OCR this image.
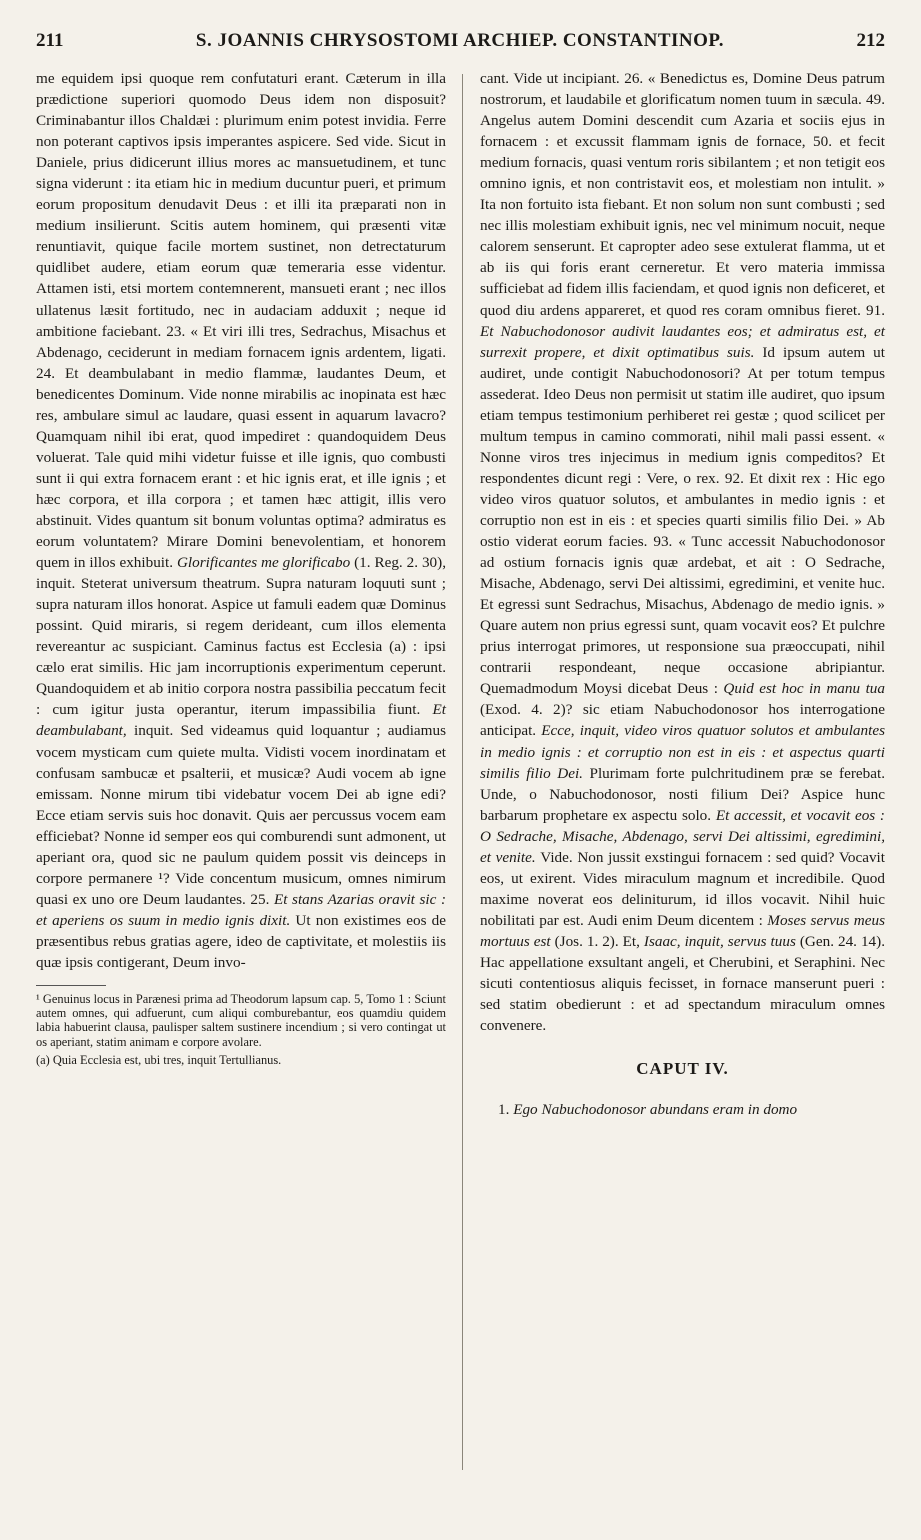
211	S. JOANNIS CHRYSOSTOMI ARCHIEP. CONSTANTINOP.	212

me equidem ipsi quoque rem confutaturi erant. Cæterum in illa prædictione superiori quomodo Deus idem non disposuit? Criminabantur illos Chaldæi : plurimum enim potest invidia. Ferre non poterant captivos ipsis imperantes aspicere. Sed vide. Sicut in Daniele, prius didicerunt illius mores ac mansuetudinem, et tunc signa viderunt : ita etiam hic in medium ducuntur pueri, et primum eorum propositum denudavit Deus : et illi ita præparati non in medium insilierunt. Scitis autem hominem, qui præsenti vitæ renuntiavit, quique facile mortem sustinet, non detrectaturum quidlibet audere, etiam eorum quæ temeraria esse videntur. Attamen isti, etsi mortem contemnerent, mansueti erant ; nec illos ullatenus læsit fortitudo, nec in audaciam adduxit ; neque id ambitione faciebant. 23. « Et viri illi tres, Sedrachus, Misachus et Abdenago, ceciderunt in mediam fornacem ignis ardentem, ligati. 24. Et deambulabant in medio flammæ, laudantes Deum, et benedicentes Dominum. Vide nonne mirabilis ac inopinata est hæc res, ambulare simul ac laudare, quasi essent in aquarum lavacro? Quamquam nihil ibi erat, quod impediret : quandoquidem Deus voluerat. Tale quid mihi videtur fuisse et ille ignis, quo combusti sunt ii qui extra fornacem erant : et hic ignis erat, et ille ignis ; et hæc corpora, et illa corpora ; et tamen hæc attigit, illis vero abstinuit. Vides quantum sit bonum voluntas optima? admiratus es eorum voluntatem? Mirare Domini benevolentiam, et honorem quem in illos exhibuit. Glorificantes me glorificabo (1. Reg. 2. 30), inquit. Steterat universum theatrum. Supra naturam loquuti sunt ; supra naturam illos honorat. Aspice ut famuli eadem quæ Dominus possint. Quid miraris, si regem derideant, cum illos elementa revereantur ac suspiciant. Caminus factus est Ecclesia (a) : ipsi cælo erat similis. Hic jam incorruptionis experimentum ceperunt. Quandoquidem et ab initio corpora nostra passibilia peccatum fecit : cum igitur justa operantur, iterum impassibilia fiunt. Et deambulabant, inquit. Sed videamus quid loquantur ; audiamus vocem mysticam cum quiete multa. Vidisti vocem inordinatam et confusam sambucæ et psalterii, et musicæ? Audi vocem ab igne emissam. Nonne mirum tibi videbatur vocem Dei ab igne edi? Ecce etiam servis suis hoc donavit. Quis aer percussus vocem eam efficiebat? Nonne id semper eos qui comburendi sunt admonent, ut aperiant ora, quod sic ne paulum quidem possit vis deinceps in corpore permanere ¹? Vide concentum musicum, omnes nimirum quasi ex uno ore Deum laudantes. 25. Et stans Azarias oravit sic : et aperiens os suum in medio ignis dixit. Ut non existimes eos de præsentibus rebus gratias agere, ideo de captivitate, et molestiis iis quæ ipsis contigerant, Deum invo-

¹ Genuinus locus in Parænesi prima ad Theodorum lapsum cap. 5, Tomo 1 : Sciunt autem omnes, qui adfuerunt, cum aliqui comburebantur, eos quamdiu quidem labia habuerint clausa, paulisper saltem sustinere incendium ; si vero contingat ut os aperiant, statim animam e corpore avolare.

(a) Quia Ecclesia est, ubi tres, inquit Tertullianus.

cant. Vide ut incipiant. 26. « Benedictus es, Domine Deus patrum nostrorum, et laudabile et glorificatum nomen tuum in sæcula. 49. Angelus autem Domini descendit cum Azaria et sociis ejus in fornacem : et excussit flammam ignis de fornace, 50. et fecit medium fornacis, quasi ventum roris sibilantem ; et non tetigit eos omnino ignis, et non contristavit eos, et molestiam non intulit. » Ita non fortuito ista fiebant. Et non solum non sunt combusti ; sed nec illis molestiam exhibuit ignis, nec vel minimum nocuit, neque calorem senserunt. Et capropter adeo sese extulerat flamma, ut et ab iis qui foris erant cerneretur. Et vero materia immissa sufficiebat ad fidem illis faciendam, et quod ignis non deficeret, et quod diu ardens appareret, et quod res coram omnibus fieret. 91. Et Nabuchodonosor audivit laudantes eos; et admiratus est, et surrexit propere, et dixit optimatibus suis. Id ipsum autem ut audiret, unde contigit Nabuchodonosori? At per totum tempus assederat. Ideo Deus non permisit ut statim ille audiret, quo ipsum etiam tempus testimonium perhiberet rei gestæ ; quod scilicet per multum tempus in camino commorati, nihil mali passi essent. « Nonne viros tres injecimus in medium ignis compeditos? Et respondentes dicunt regi : Vere, o rex. 92. Et dixit rex : Hic ego video viros quatuor solutos, et ambulantes in medio ignis : et corruptio non est in eis : et species quarti similis filio Dei. » Ab ostio viderat eorum facies. 93. « Tunc accessit Nabuchodonosor ad ostium fornacis ignis quæ ardebat, et ait : O Sedrache, Misache, Abdenago, servi Dei altissimi, egredimini, et venite huc. Et egressi sunt Sedrachus, Misachus, Abdenago de medio ignis. » Quare autem non prius egressi sunt, quam vocavit eos? Et pulchre prius interrogat primores, ut responsione sua præoccupati, nihil contrarii respondeant, neque occasione abripiantur. Quemadmodum Moysi dicebat Deus : Quid est hoc in manu tua (Exod. 4. 2)? sic etiam Nabuchodonosor hos interrogatione anticipat. Ecce, inquit, video viros quatuor solutos et ambulantes in medio ignis : et corruptio non est in eis : et aspectus quarti similis filio Dei. Plurimam forte pulchritudinem præ se ferebat. Unde, o Nabuchodonosor, nosti filium Dei? Aspice hunc barbarum prophetare ex aspectu solo. Et accessit, et vocavit eos : O Sedrache, Misache, Abdenago, servi Dei altissimi, egredimini, et venite. Vide. Non jussit exstingui fornacem : sed quid? Vocavit eos, ut exirent. Vides miraculum magnum et incredibile. Quod maxime noverat eos deliniturum, id illos vocavit. Nihil huic nobilitati par est. Audi enim Deum dicentem : Moses servus meus mortuus est (Jos. 1. 2). Et, Isaac, inquit, servus tuus (Gen. 24. 14). Hac appellatione exsultant angeli, et Cherubini, et Seraphini. Nec sicuti contentiosus aliquis fecisset, in fornace manserunt pueri : sed statim obedierunt : et ad spectandum miraculum omnes convenere.

CAPUT IV.

1. Ego Nabuchodonosor abundans eram in domo
